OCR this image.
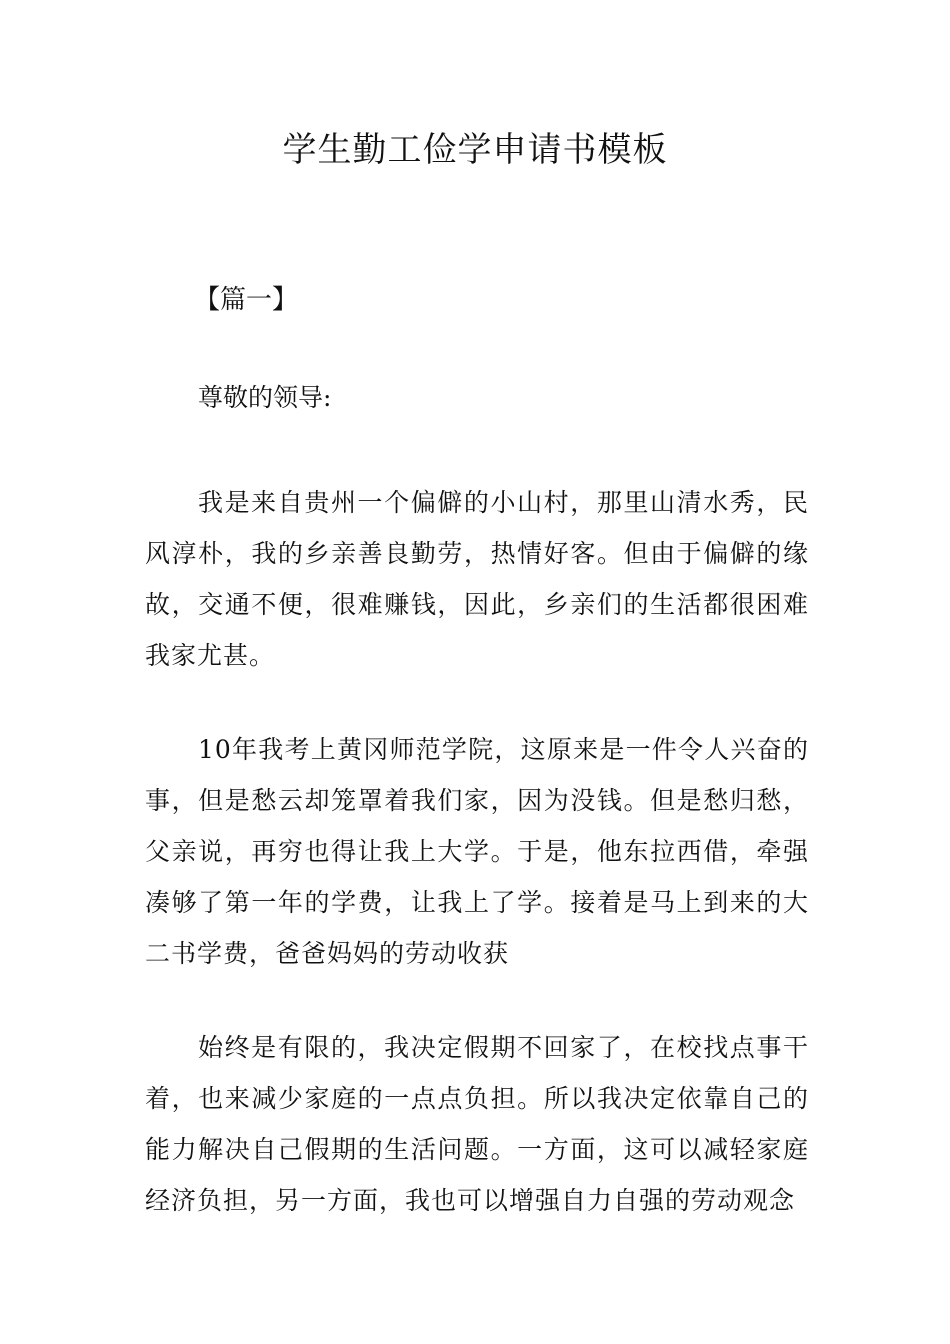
学生勤工俭学申请书模板

【篇一】

尊敬的领导:

我是来自贵州一个偏僻的小山村，那里山清水秀，民风淳朴，我的乡亲善良勤劳，热情好客。但由于偏僻的缘故，交通不便，很难赚钱，因此，乡亲们的生活都很困难我家尤甚。

10年我考上黄冈师范学院，这原来是一件令人兴奋的事，但是愁云却笼罩着我们家，因为没钱。但是愁归愁，父亲说，再穷也得让我上大学。于是，他东拉西借，牵强凑够了第一年的学费，让我上了学。接着是马上到来的大二书学费，爸爸妈妈的劳动收获

始终是有限的，我决定假期不回家了，在校找点事干着，也来减少家庭的一点点负担。所以我决定依靠自己的能力解决自己假期的生活问题。一方面，这可以减轻家庭经济负担，另一方面，我也可以增强自力自强的劳动观念
